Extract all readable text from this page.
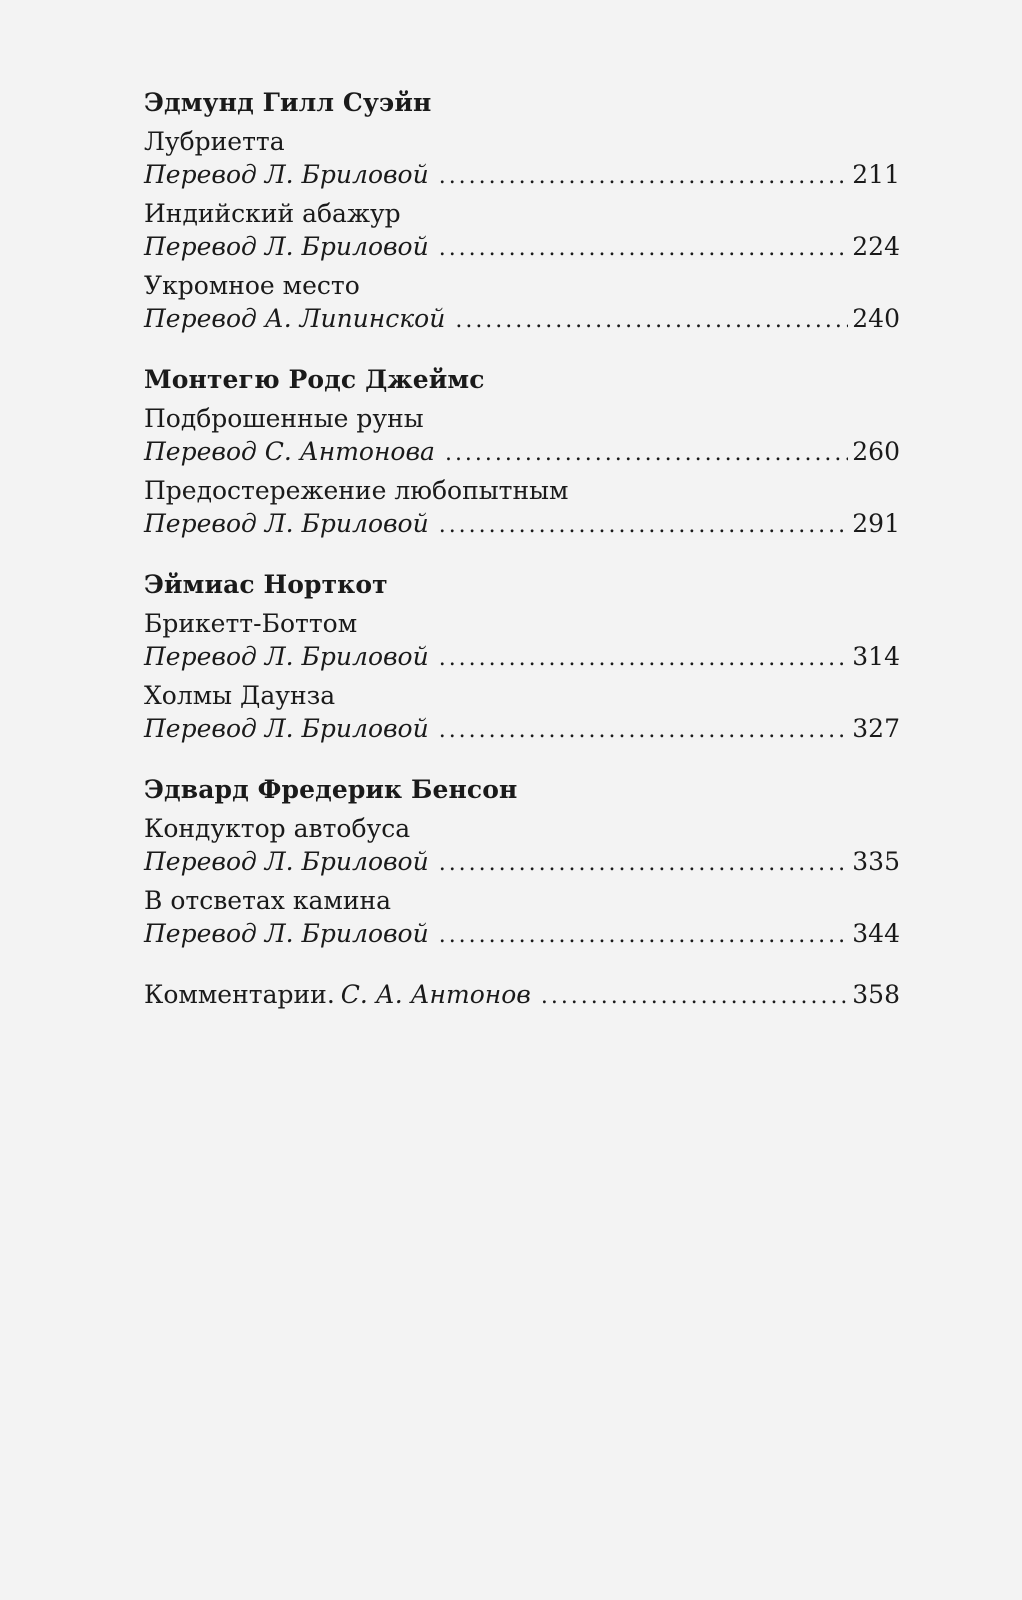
Эдмунд Гилл Суэйн
Лубриетта
Перевод Л. Бриловой . . .	211
Индийский абажур
Перевод Л. Бриловой . . .	224
Укромное место
Перевод А. Липинской . . .	240
Монтегю Родс Джеймс
Подброшенные руны
Перевод С. Антонова . . .	260
Предостережение любопытным
Перевод Л. Бриловой . . .	291
Эймиас Норткот
Брикетт-Боттом
Перевод Л. Бриловой . . .	314
Холмы Даунза
Перевод Л. Бриловой . . .	327
Эдвард Фредерик Бенсон
Кондуктор автобуса
Перевод Л. Бриловой . . .	335
В отсветах камина
Перевод Л. Бриловой . . .	344
Комментарии. С. А. Антонов . . .	358
